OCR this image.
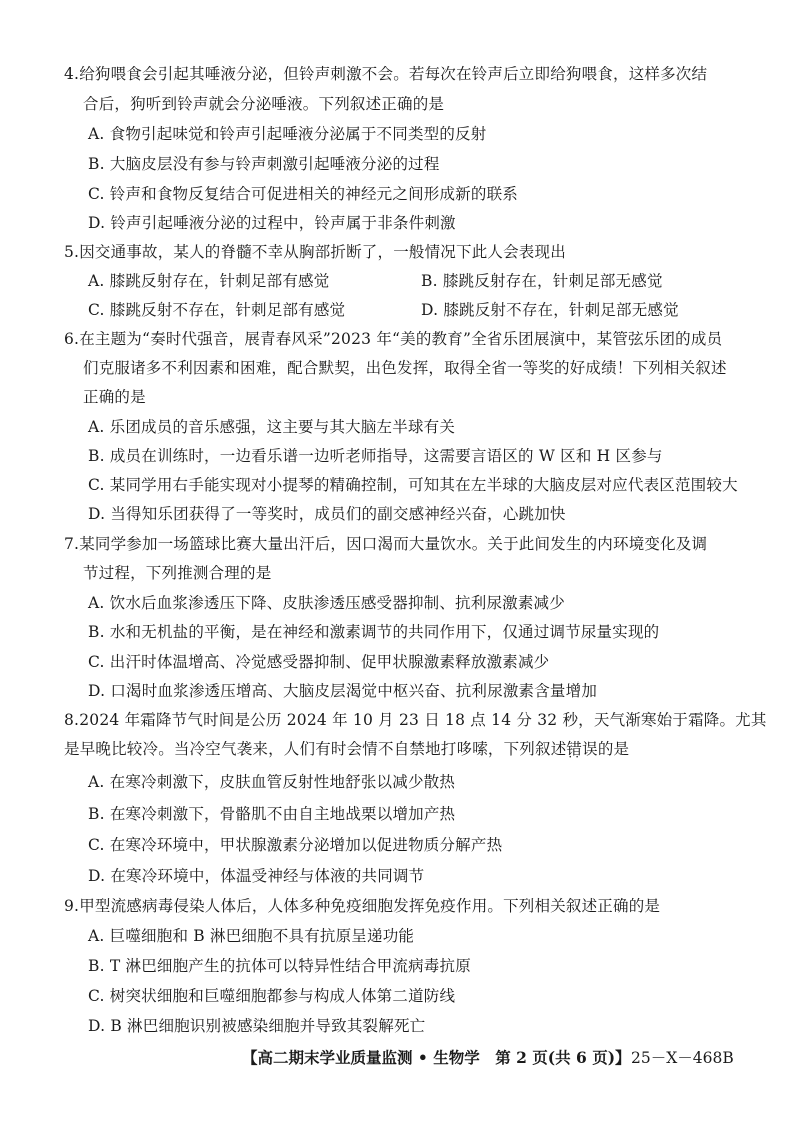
4.给狗喂食会引起其唾液分泌，但铃声刺激不会。若每次在铃声后立即给狗喂食，这样多次结
合后，狗听到铃声就会分泌唾液。下列叙述正确的是
A. 食物引起味觉和铃声引起唾液分泌属于不同类型的反射
B. 大脑皮层没有参与铃声刺激引起唾液分泌的过程
C. 铃声和食物反复结合可促进相关的神经元之间形成新的联系
D. 铃声引起唾液分泌的过程中，铃声属于非条件刺激
5.因交通事故，某人的脊髓不幸从胸部折断了，一般情况下此人会表现出
A. 膝跳反射存在，针刺足部有感觉	B. 膝跳反射存在，针刺足部无感觉
C. 膝跳反射不存在，针刺足部有感觉	D. 膝跳反射不存在，针刺足部无感觉
6.在主题为“奏时代强音，展青春风采”2023 年“美的教育”全省乐团展演中，某管弦乐团的成员
们克服诸多不利因素和困难，配合默契，出色发挥，取得全省一等奖的好成绩！下列相关叙述
正确的是
A. 乐团成员的音乐感强，这主要与其大脑左半球有关
B. 成员在训练时，一边看乐谱一边听老师指导，这需要言语区的 W 区和 H 区参与
C. 某同学用右手能实现对小提琴的精确控制，可知其在左半球的大脑皮层对应代表区范围较大
D. 当得知乐团获得了一等奖时，成员们的副交感神经兴奋，心跳加快
7.某同学参加一场篮球比赛大量出汗后，因口渴而大量饮水。关于此间发生的内环境变化及调
节过程，下列推测合理的是
A. 饮水后血浆渗透压下降、皮肤渗透压感受器抑制、抗利尿激素减少
B. 水和无机盐的平衡，是在神经和激素调节的共同作用下，仅通过调节尿量实现的
C. 出汗时体温增高、冷觉感受器抑制、促甲状腺激素释放激素减少
D. 口渴时血浆渗透压增高、大脑皮层渴觉中枢兴奋、抗利尿激素含量增加
8.2024 年霜降节气时间是公历 2024 年 10 月 23 日 18 点 14 分 32 秒，天气渐寒始于霜降。尤其
是早晚比较冷。当冷空气袭来，人们有时会情不自禁地打哆嗦，下列叙述错误 ··的是
A. 在寒冷刺激下，皮肤血管反射性地舒张以减少散热
B. 在寒冷刺激下，骨骼肌不由自主地战栗以增加产热
C. 在寒冷环境中，甲状腺激素分泌增加以促进物质分解产热
D. 在寒冷环境中，体温受神经与体液的共同调节
9.甲型流感病毒侵染人体后，人体多种免疫细胞发挥免疫作用。下列相关叙述正确的是
A. 巨噬细胞和 B 淋巴细胞不具有抗原呈递功能
B. T 淋巴细胞产生的抗体可以特异性结合甲流病毒抗原
C. 树突状细胞和巨噬细胞都参与构成人体第二道防线
D. B 淋巴细胞识别被感染细胞并导致其裂解死亡
【高二期末学业质量监测 • 生物学　第 2 页(共 6 页)】 25－X－468B
